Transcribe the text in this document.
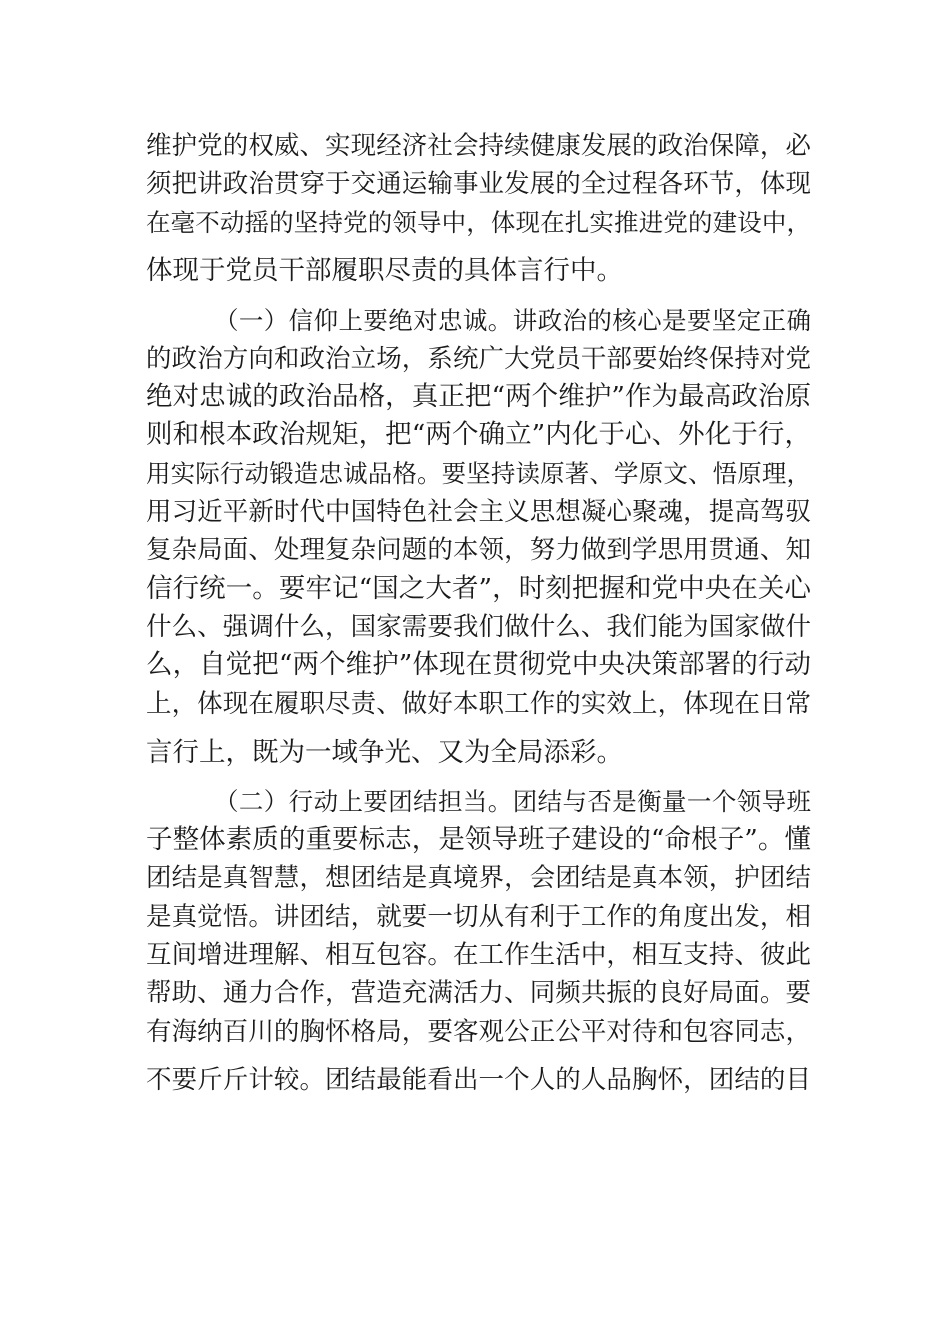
维护党的权威、实现经济社会持续健康发展的政治保障，必
须把讲政治贯穿于交通运输事业发展的全过程各环节，体现
在毫不动摇的坚持党的领导中，体现在扎实推进党的建设中，
体现于党员干部履职尽责的具体言行中。
（一）信仰上要绝对忠诚。讲政治的核心是要坚定正确
的政治方向和政治立场，系统广大党员干部要始终保持对党
绝对忠诚的政治品格，真正把“两个维护”作为最高政治原
则和根本政治规矩，把“两个确立”内化于心、外化于行，
用实际行动锻造忠诚品格。要坚持读原著、学原文、悟原理，
用习近平新时代中国特色社会主义思想凝心聚魂，提高驾驭
复杂局面、处理复杂问题的本领，努力做到学思用贯通、知
信行统一。要牢记“国之大者”，时刻把握和党中央在关心
什么、强调什么，国家需要我们做什么、我们能为国家做什
么，自觉把“两个维护”体现在贯彻党中央决策部署的行动
上，体现在履职尽责、做好本职工作的实效上，体现在日常
言行上，既为一域争光、又为全局添彩。
（二）行动上要团结担当。团结与否是衡量一个领导班
子整体素质的重要标志，是领导班子建设的“命根子”。懂
团结是真智慧，想团结是真境界，会团结是真本领，护团结
是真觉悟。讲团结，就要一切从有利于工作的角度出发，相
互间增进理解、相互包容。在工作生活中，相互支持、彼此
帮助、通力合作，营造充满活力、同频共振的良好局面。要
有海纳百川的胸怀格局，要客观公正公平对待和包容同志，
不要斤斤计较。团结最能看出一个人的人品胸怀，团结的目
